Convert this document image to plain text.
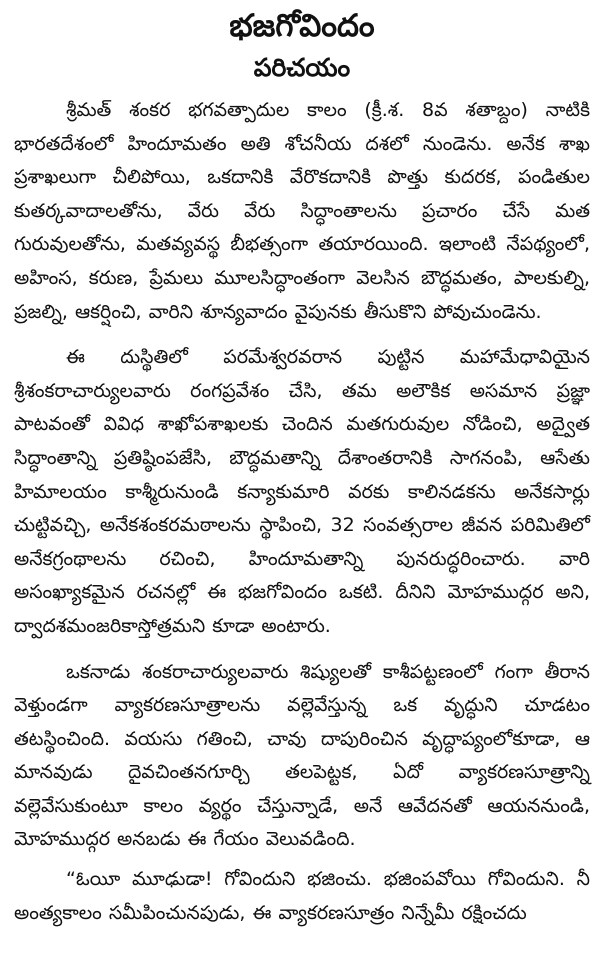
భజగోవిందం
పరిచయం

శ్రీమత్ శంకర భగవత్పాదుల కాలం (క్రీ.శ. 8వ శతాబ్దం) నాటికి భారతదేశంలో హిందూమతం అతి శోచనీయ దశలో నుండెను. అనేక శాఖ ప్రశాఖలుగా చీలిపోయి, ఒకదానికి వేరొకదానికి పొత్తు కుదరక, పండితుల కుతర్కవాదాలతోను, వేరు వేరు సిద్ధాంతాలను ప్రచారం చేసే మత గురువులతోను, మతవ్యవస్థ బీభత్సంగా తయారయింది. ఇలాంటి నేపథ్యంలో, అహింస, కరుణ, ప్రేమలు మూలసిద్ధాంతంగా వెలసిన బౌద్ధమతం, పాలకుల్ని, ప్రజల్ని, ఆకర్షించి, వారిని శూన్యవాదం వైపునకు తీసుకొని పోవుచుండెను.

ఈ దుస్థితిలో పరమేశ్వరవరాన పుట్టిన మహామేధావియైన శ్రీశంకరాచార్యులవారు రంగప్రవేశం చేసి, తమ అలౌకిక అసమాన ప్రజ్ఞా పాటవంతో వివిధ శాఖోపశాఖలకు చెందిన మతగురువుల నోడించి, అద్వైత సిద్ధాంతాన్ని ప్రతిష్ఠింపజేసి, బౌద్ధమతాన్ని దేశాంతరానికి సాగనంపి, ఆసేతు హిమాలయం కాశ్మీరునుండి కన్యాకుమారి వరకు కాలినడకను అనేకసార్లు చుట్టివచ్చి, అనేకశంకరమఠాలను స్థాపించి, 32 సంవత్సరాల జీవన పరిమితిలో అనేకగ్రంథాలను రచించి, హిందూమతాన్ని పునరుద్ధరించారు. వారి అసంఖ్యాకమైన రచనల్లో ఈ భజగోవిందం ఒకటి. దీనిని మోహముద్గర అని, ద్వాదశమంజరికాస్తోత్రమని కూడా అంటారు.

ఒకనాడు శంకరాచార్యులవారు శిష్యులతో కాశీపట్టణంలో గంగా తీరాన వెళ్తుండగా వ్యాకరణసూత్రాలను వల్లెవేస్తున్న ఒక వృద్ధుని చూడటం తటస్థించింది. వయసు గతించి, చావు దాపురించిన వృద్ధాప్యంలోకూడా, ఆ మానవుడు దైవచింతనగూర్చి తలపెట్టక, ఏదో వ్యాకరణసూత్రాన్ని వల్లెవేసుకుంటూ కాలం వ్యర్థం చేస్తున్నాడే, అనే ఆవేదనతో ఆయననుండి, మోహముద్గర అనబడు ఈ గేయం వెలువడింది.

“ఓయీ మూఢుడా! గోవిందుని భజించు. భజింపవోయి గోవిందుని. నీ అంత్యకాలం సమీపించునపుడు, ఈ వ్యాకరణసూత్రం నిన్నేమీ రక్షించదు
